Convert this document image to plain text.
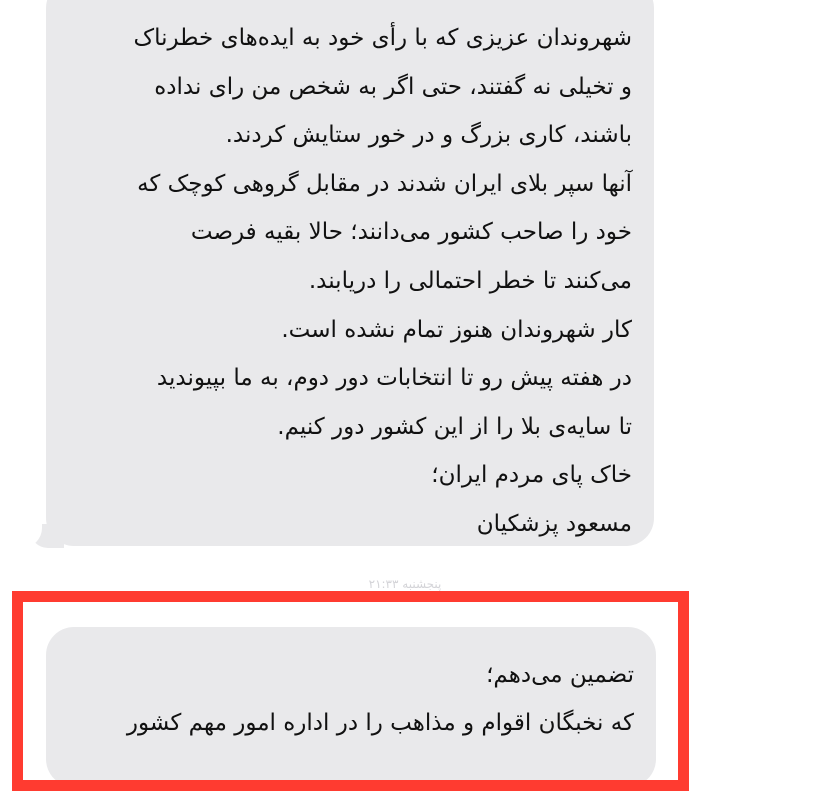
شهروندان عزیزی که با رأی خود به ایده‌های خطرناک
و تخیلی نه گفتند، حتی اگر به شخص من رای نداده
باشند، کاری بزرگ و در خور ستایش کردند.
آنها سپر بلای ایران شدند در مقابل گروهی کوچک که
خود را صاحب کشور می‌دانند؛ حالا بقیه فرصت
می‌کنند تا خطر احتمالی را دریابند.
کار شهروندان هنوز تمام نشده است.
در هفته پیش رو تا انتخابات دور دوم، به ما بپیوندید
تا سایه‌ی بلا را از این کشور دور کنیم.
خاک پای مردم ایران؛
مسعود پزشکیان
پنجشنبه ۲۱:۳۳
تضمین می‌دهم؛
که نخبگان اقوام و مذاهب را در اداره امور مهم کشور
